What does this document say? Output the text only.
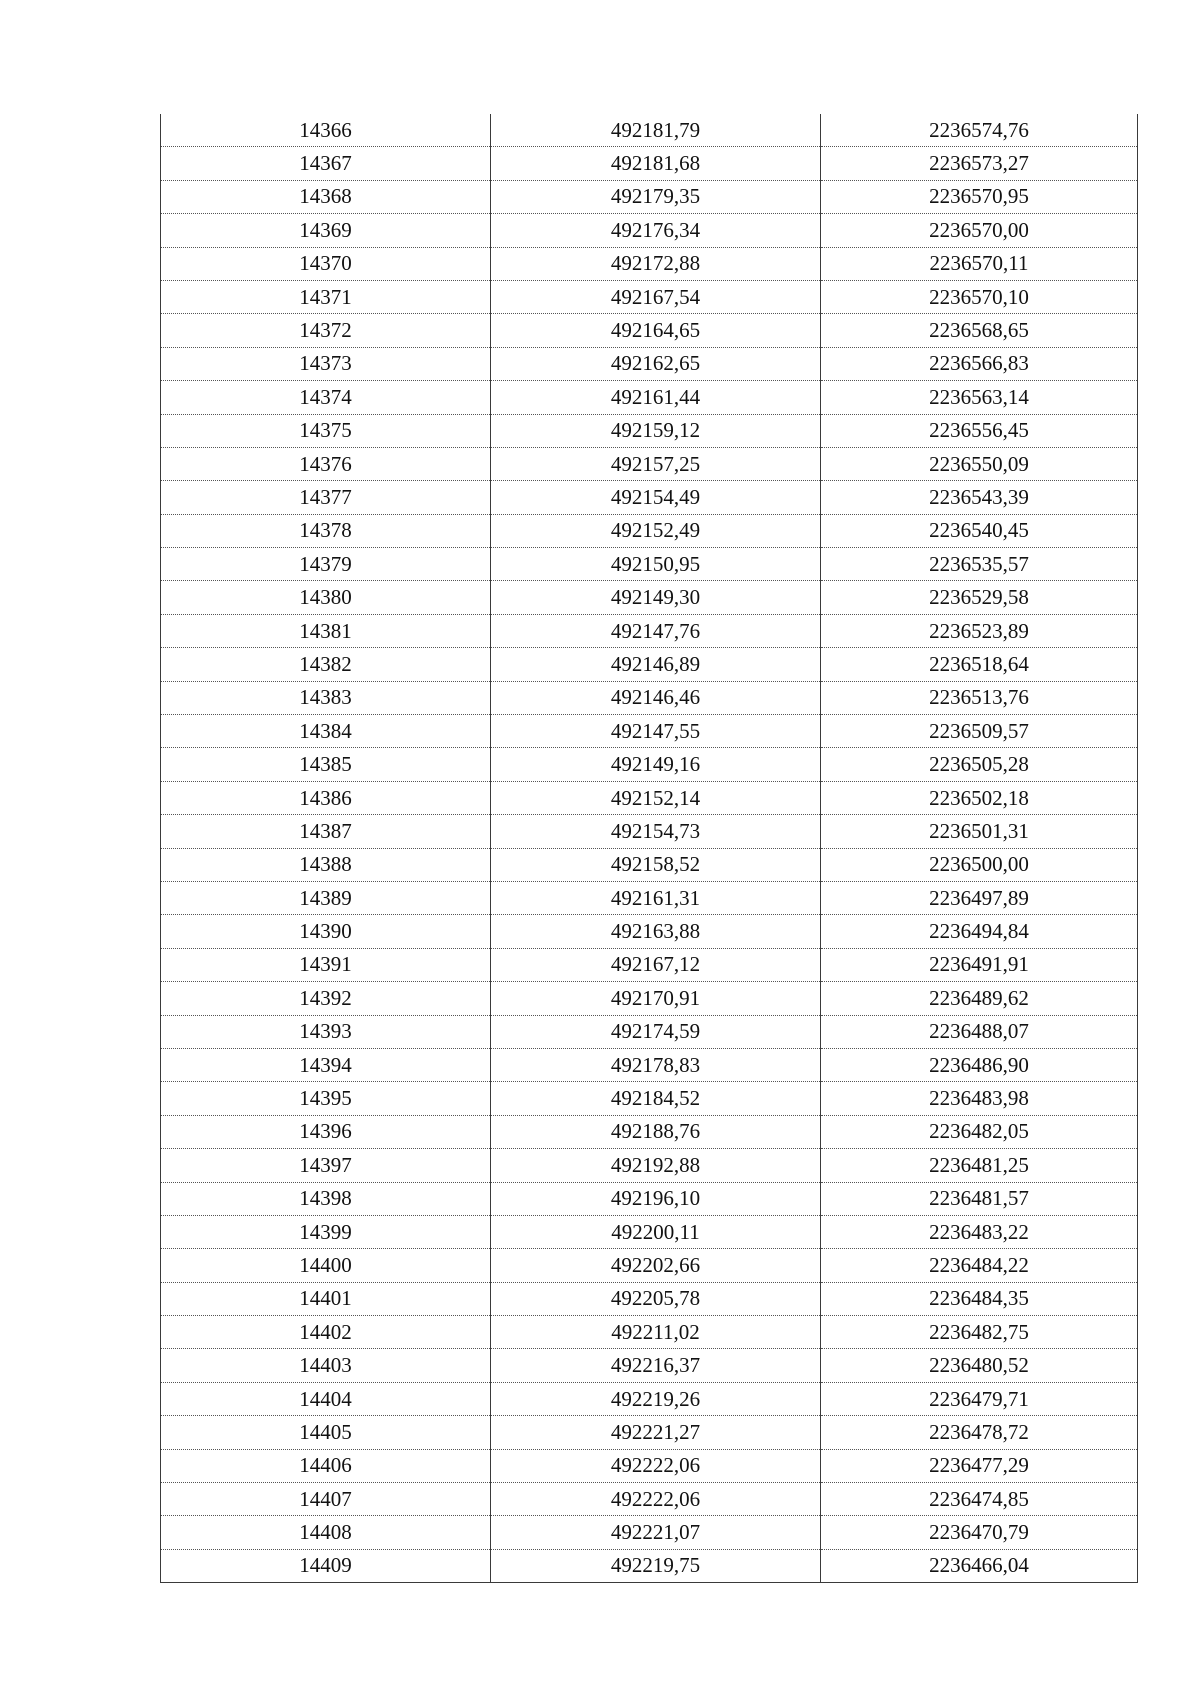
14366	492181,79	2236574,76
14367	492181,68	2236573,27
14368	492179,35	2236570,95
14369	492176,34	2236570,00
14370	492172,88	2236570,11
14371	492167,54	2236570,10
14372	492164,65	2236568,65
14373	492162,65	2236566,83
14374	492161,44	2236563,14
14375	492159,12	2236556,45
14376	492157,25	2236550,09
14377	492154,49	2236543,39
14378	492152,49	2236540,45
14379	492150,95	2236535,57
14380	492149,30	2236529,58
14381	492147,76	2236523,89
14382	492146,89	2236518,64
14383	492146,46	2236513,76
14384	492147,55	2236509,57
14385	492149,16	2236505,28
14386	492152,14	2236502,18
14387	492154,73	2236501,31
14388	492158,52	2236500,00
14389	492161,31	2236497,89
14390	492163,88	2236494,84
14391	492167,12	2236491,91
14392	492170,91	2236489,62
14393	492174,59	2236488,07
14394	492178,83	2236486,90
14395	492184,52	2236483,98
14396	492188,76	2236482,05
14397	492192,88	2236481,25
14398	492196,10	2236481,57
14399	492200,11	2236483,22
14400	492202,66	2236484,22
14401	492205,78	2236484,35
14402	492211,02	2236482,75
14403	492216,37	2236480,52
14404	492219,26	2236479,71
14405	492221,27	2236478,72
14406	492222,06	2236477,29
14407	492222,06	2236474,85
14408	492221,07	2236470,79
14409	492219,75	2236466,04
